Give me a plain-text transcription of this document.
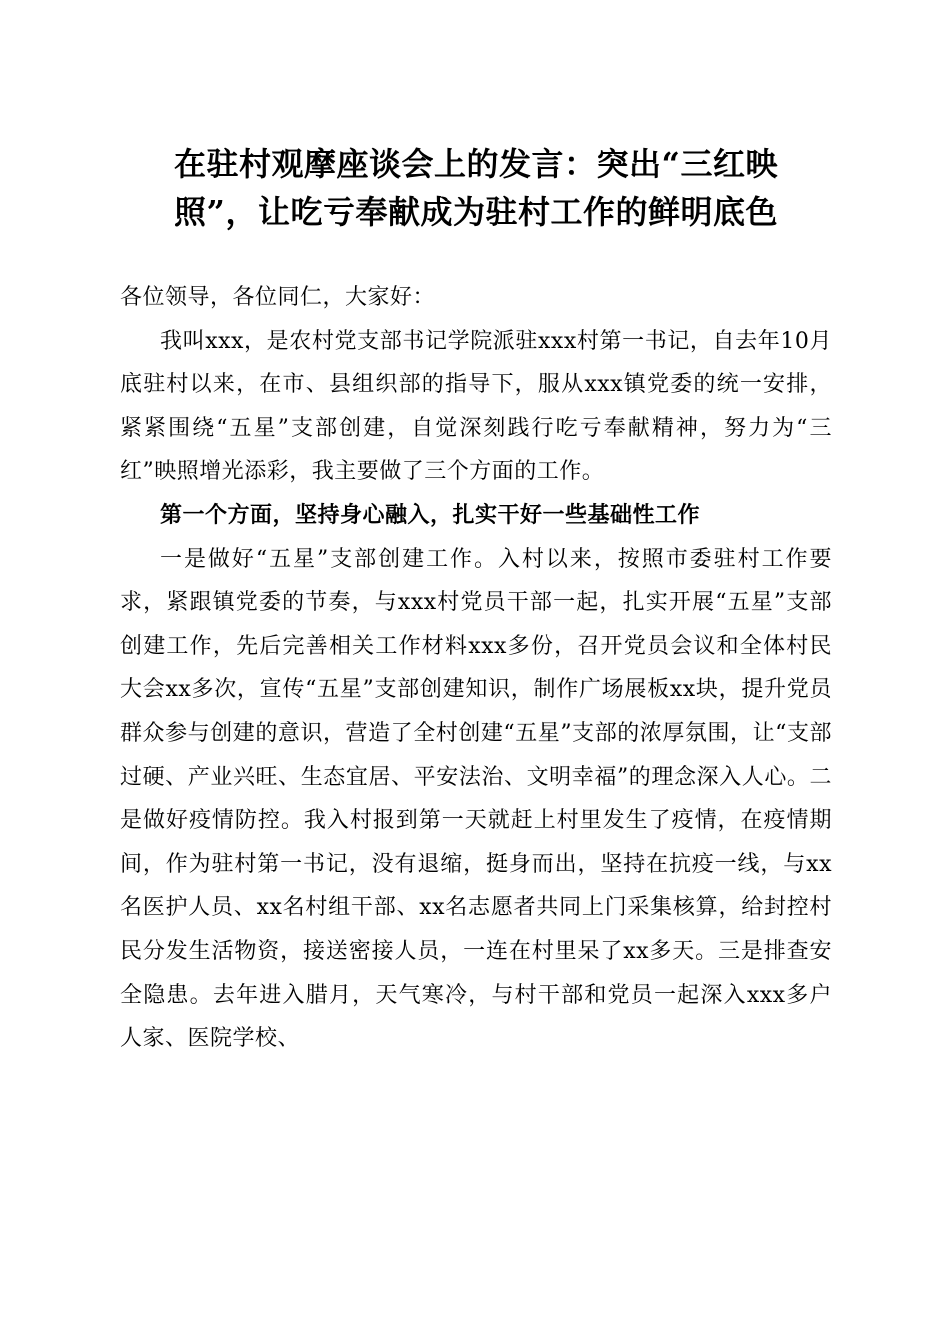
在驻村观摩座谈会上的发言：突出“三红映
照”，让吃亏奉献成为驻村工作的鲜明底色

各位领导，各位同仁，大家好：

我叫xxx，是农村党支部书记学院派驻xxx村第一书记，自去年10月底驻村以来，在市、县组织部的指导下，服从xxx镇党委的统一安排，紧紧围绕“五星”支部创建，自觉深刻践行吃亏奉献精神，努力为“三红”映照增光添彩，我主要做了三个方面的工作。

第一个方面，坚持身心融入，扎实干好一些基础性工作

一是做好“五星”支部创建工作。入村以来，按照市委驻村工作要求，紧跟镇党委的节奏，与xxx村党员干部一起，扎实开展“五星”支部创建工作，先后完善相关工作材料xxx多份，召开党员会议和全体村民大会xx多次，宣传“五星”支部创建知识，制作广场展板xx块，提升党员群众参与创建的意识，营造了全村创建“五星”支部的浓厚氛围，让“支部过硬、产业兴旺、生态宜居、平安法治、文明幸福”的理念深入人心。二是做好疫情防控。我入村报到第一天就赶上村里发生了疫情，在疫情期间，作为驻村第一书记，没有退缩，挺身而出，坚持在抗疫一线，与xx名医护人员、xx名村组干部、xx名志愿者共同上门采集核算，给封控村民分发生活物资，接送密接人员，一连在村里呆了xx多天。三是排查安全隐患。去年进入腊月，天气寒冷，与村干部和党员一起深入xxx多户人家、医院学校、
